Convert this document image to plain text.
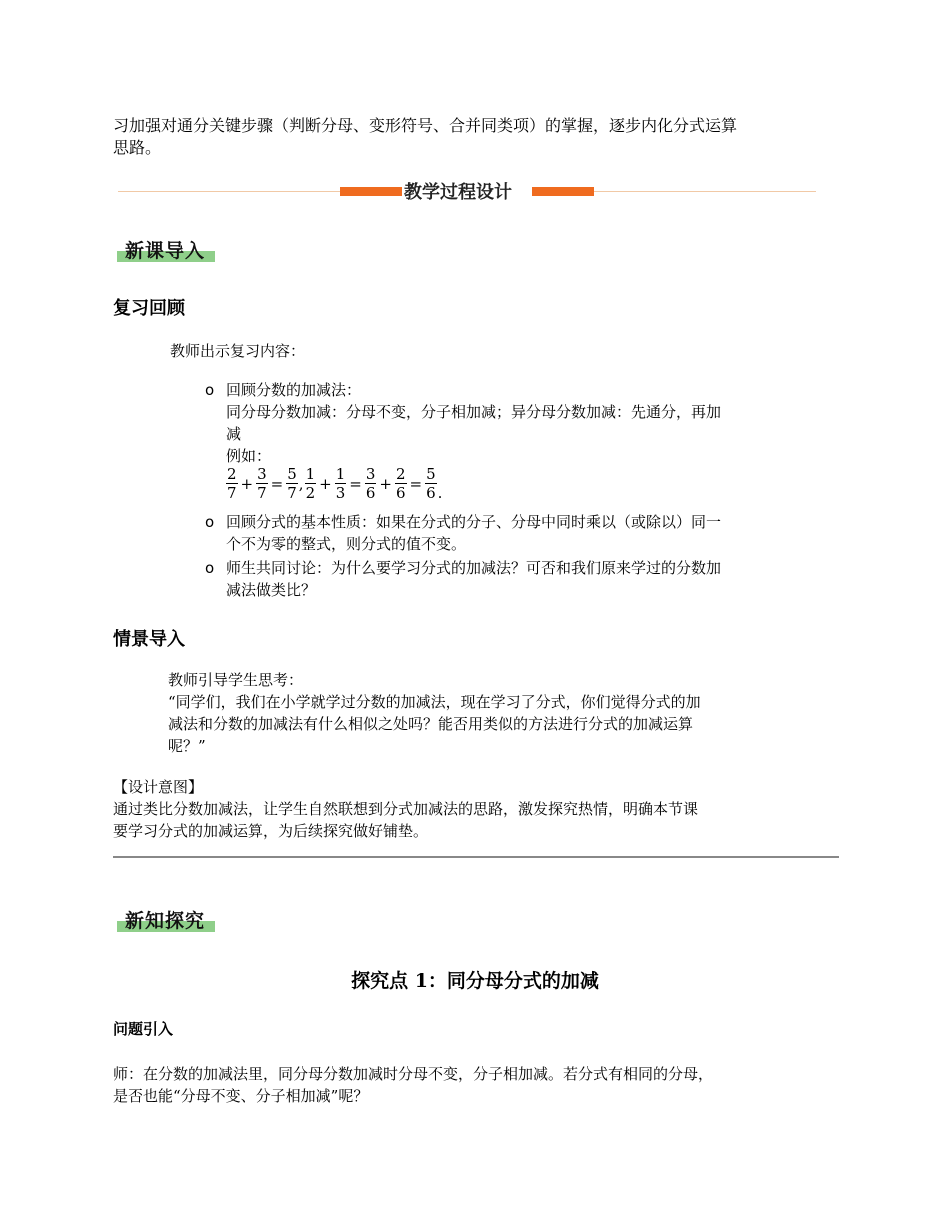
习加强对通分关键步骤（判断分母、变形符号、合并同类项）的掌握，逐步内化分式运算
思路。
教学过程设计
新课导入
复习回顾
教师出示复习内容：
o 回顾分数的加减法：
同分母分数加减：分母不变，分子相加减；异分母分数加减：先通分，再加
减
例如：
$\frac{2}{7} + \frac{3}{7} = \frac{5}{7}$ , $\frac{1}{2} + \frac{1}{3} = \frac{3}{6} + \frac{2}{6} = \frac{5}{6}$ .
o 回顾分式的基本性质：如果在分式的分子、分母中同时乘以（或除以）同一
个不为零的整式，则分式的值不变。
o 师生共同讨论：为什么要学习分式的加减法？可否和我们原来学过的分数加
减法做类比？
情景导入
教师引导学生思考：
“同学们，我们在小学就学过分数的加减法，现在学习了分式，你们觉得分式的加
减法和分数的加减法有什么相似之处吗？能否用类似的方法进行分式的加减运算
呢？”
【设计意图】
通过类比分数加减法，让学生自然联想到分式加减法的思路，激发探究热情，明确本节课
要学习分式的加减运算，为后续探究做好铺垫。
新知探究
探究点 1：同分母分式的加减
问题引入
师：在分数的加减法里，同分母分数加减时分母不变，分子相加减。若分式有相同的分母，
是否也能“分母不变、分子相加减”呢？
